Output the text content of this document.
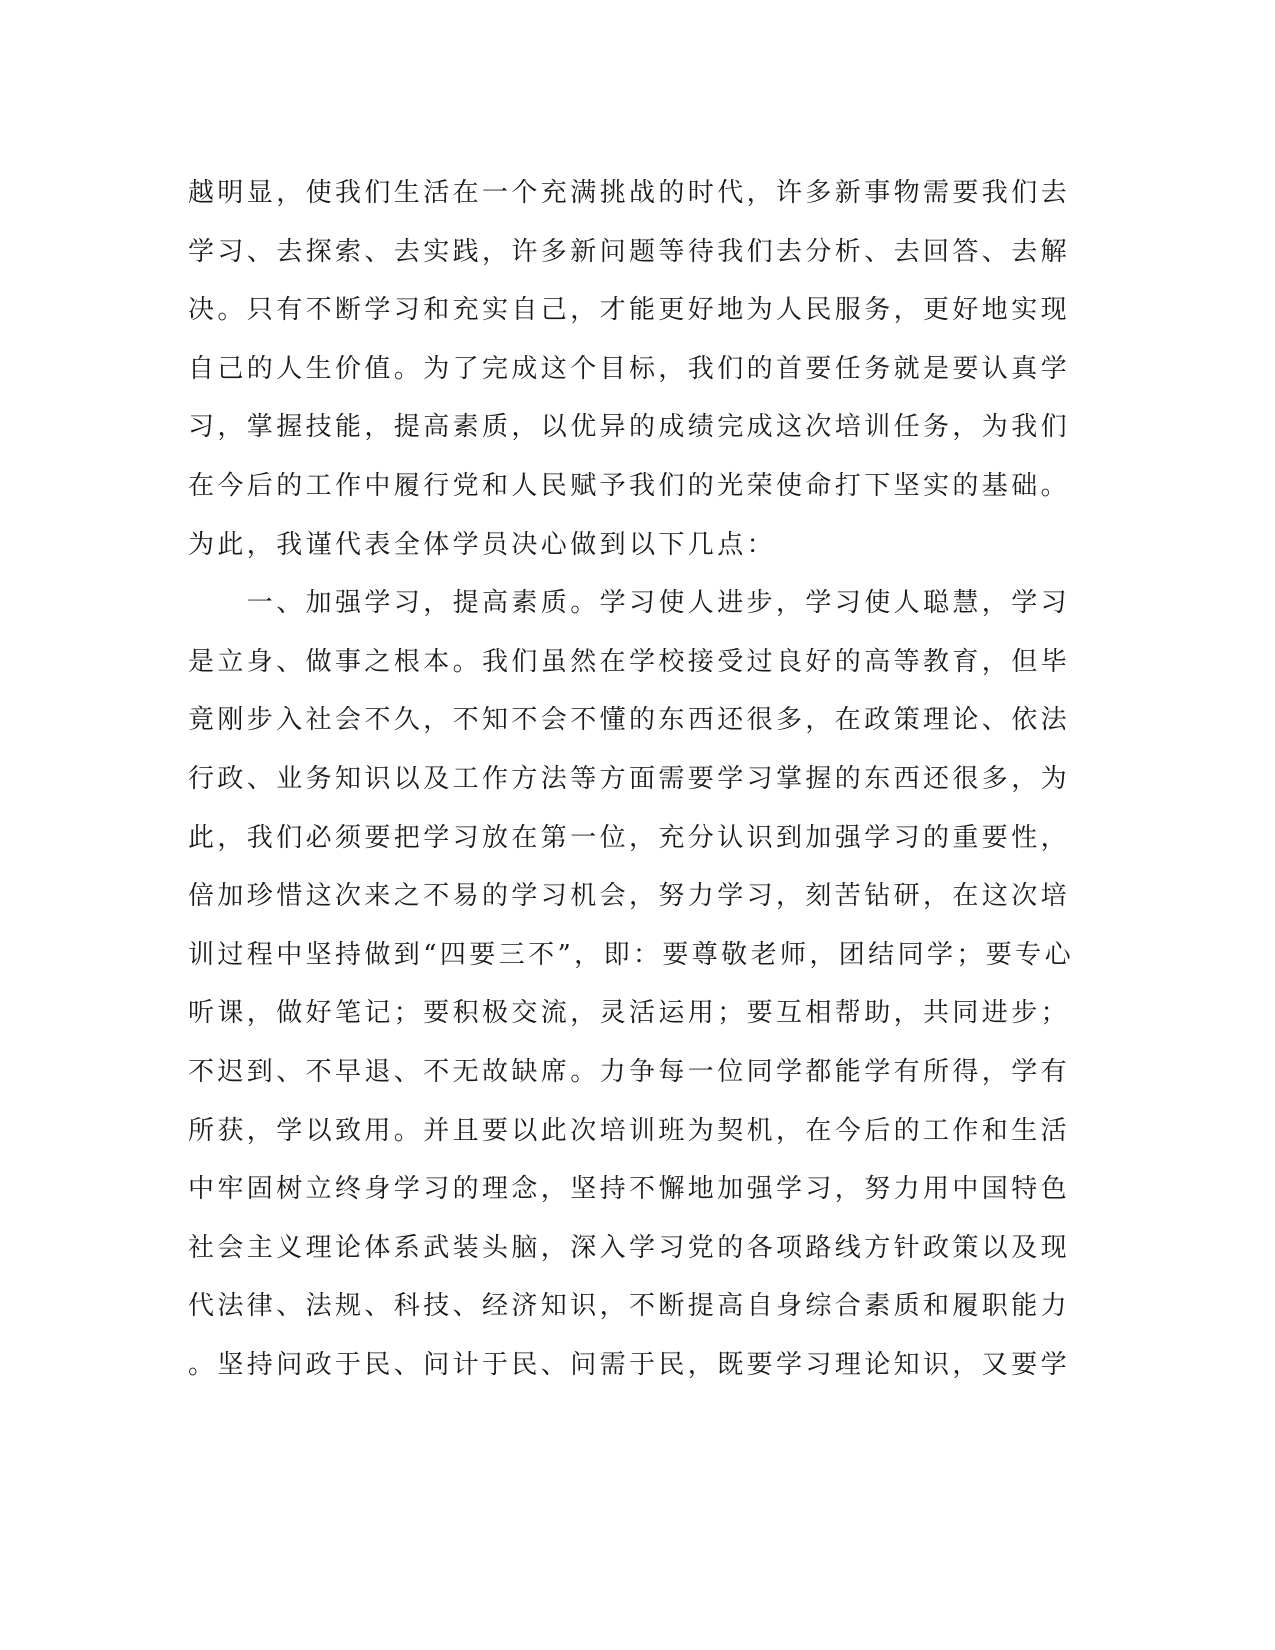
越明显，使我们生活在一个充满挑战的时代，许多新事物需要我们去
学习、去探索、去实践，许多新问题等待我们去分析、去回答、去解
决。只有不断学习和充实自己，才能更好地为人民服务，更好地实现
自己的人生价值。为了完成这个目标，我们的首要任务就是要认真学
习，掌握技能，提高素质，以优异的成绩完成这次培训任务，为我们
在今后的工作中履行党和人民赋予我们的光荣使命打下坚实的基础。
为此，我谨代表全体学员决心做到以下几点：
　　一、加强学习，提高素质。学习使人进步，学习使人聪慧，学习
是立身、做事之根本。我们虽然在学校接受过良好的高等教育，但毕
竟刚步入社会不久，不知不会不懂的东西还很多，在政策理论、依法
行政、业务知识以及工作方法等方面需要学习掌握的东西还很多，为
此，我们必须要把学习放在第一位，充分认识到加强学习的重要性，
倍加珍惜这次来之不易的学习机会，努力学习，刻苦钻研，在这次培
训过程中坚持做到“四要三不”，即：要尊敬老师，团结同学；要专心
听课，做好笔记；要积极交流，灵活运用；要互相帮助，共同进步；
不迟到、不早退、不无故缺席。力争每一位同学都能学有所得，学有
所获，学以致用。并且要以此次培训班为契机，在今后的工作和生活
中牢固树立终身学习的理念，坚持不懈地加强学习，努力用中国特色
社会主义理论体系武装头脑，深入学习党的各项路线方针政策以及现
代法律、法规、科技、经济知识，不断提高自身综合素质和履职能力
。坚持问政于民、问计于民、问需于民，既要学习理论知识，又要学
